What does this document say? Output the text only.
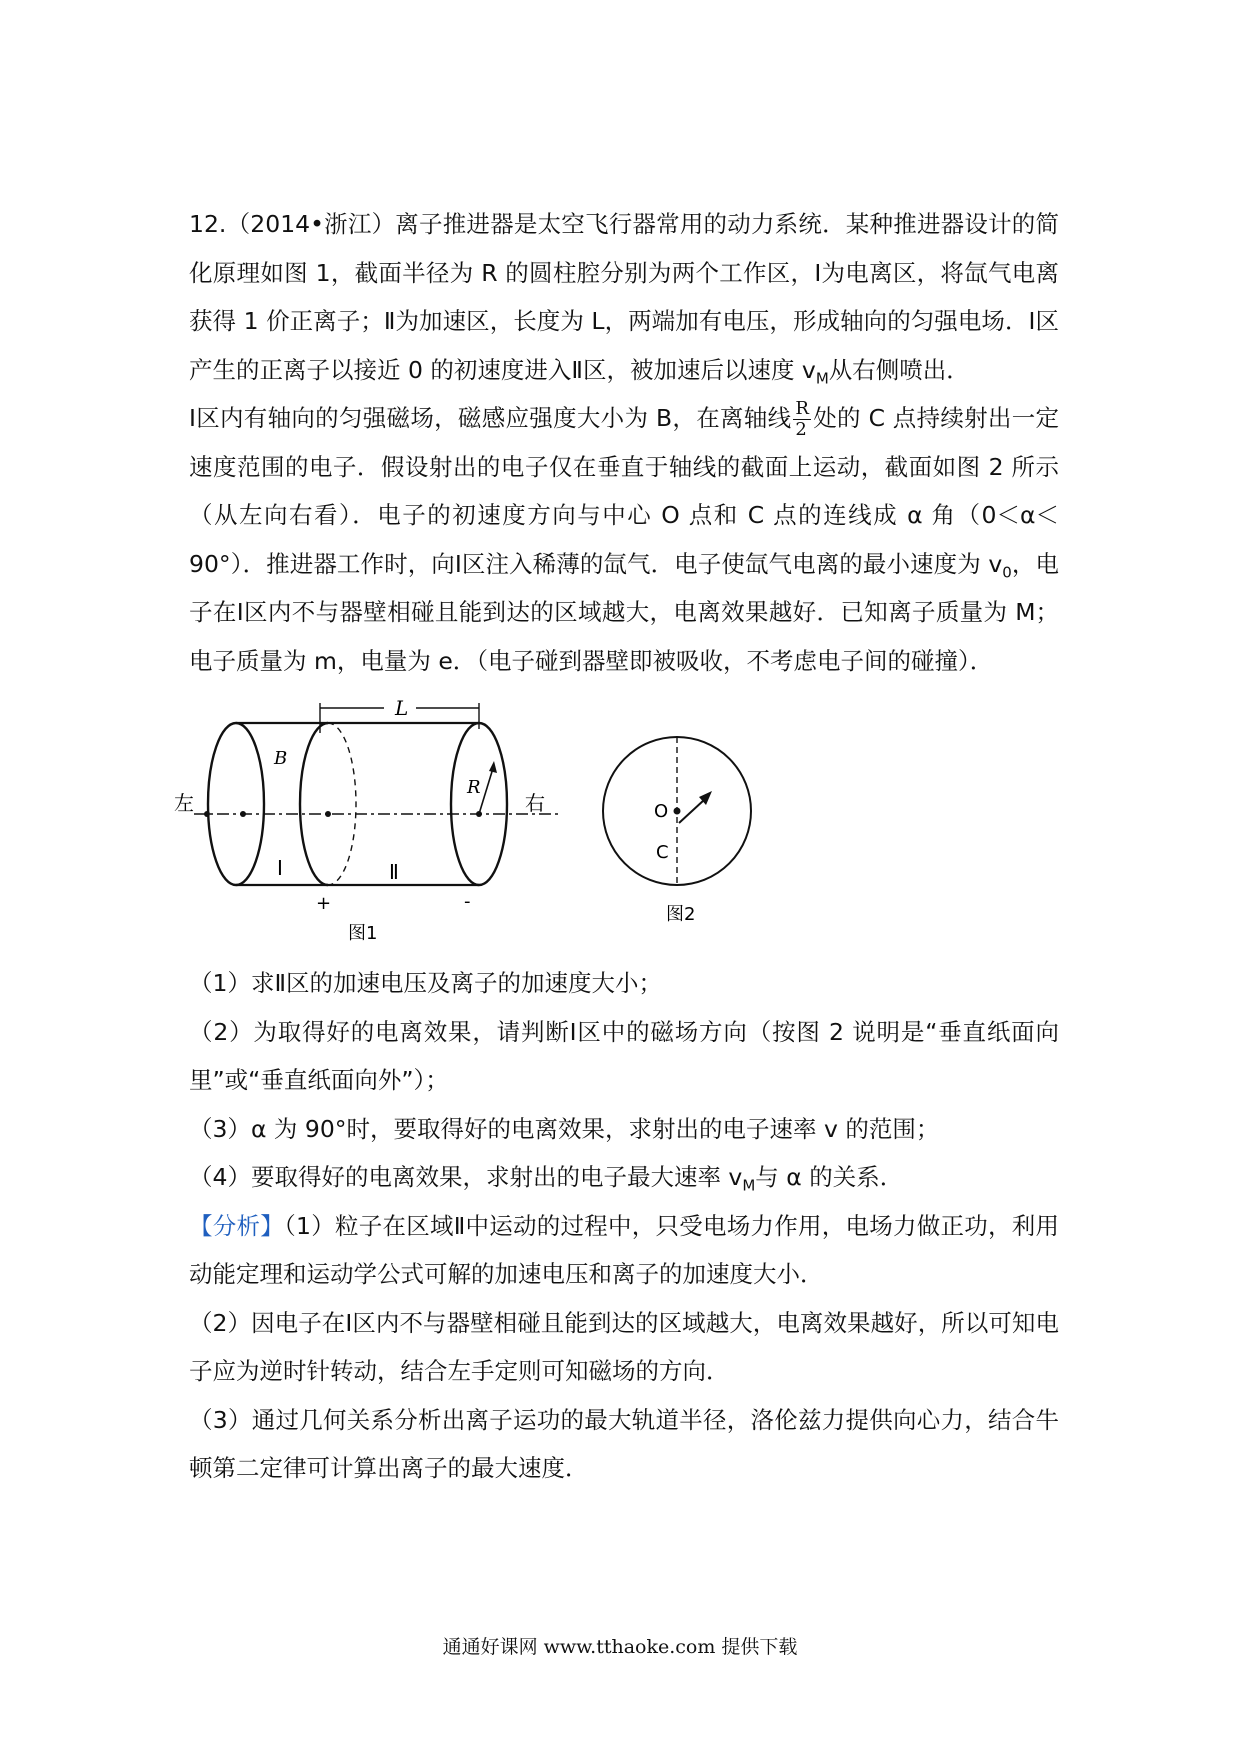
12.（2014•浙江）离子推进器是太空飞行器常用的动力系统．某种推进器设计的简化原理如图 1，截面半径为 R 的圆柱腔分别为两个工作区，Ⅰ为电离区，将氙气电离获得 1 价正离子；Ⅱ为加速区，长度为 L，两端加有电压，形成轴向的匀强电场．Ⅰ区产生的正离子以接近 0 的初速度进入Ⅱ区，被加速后以速度 $v_M$从右侧喷出．

Ⅰ区内有轴向的匀强磁场，磁感应强度大小为 B，在离轴线 $\frac{R}{2}$ 处的 C 点持续射出一定速度范围的电子．假设射出的电子仅在垂直于轴线的截面上运动，截面如图 2 所示（从左向右看）．电子的初速度方向与中心 O 点和 C 点的连线成 α 角（0＜α＜90°）．推进器工作时，向Ⅰ区注入稀薄的氙气．电子使氙气电离的最小速度为 $v_0$，电子在Ⅰ区内不与器壁相碰且能到达的区域越大，电离效果越好．已知离子质量为 M；电子质量为 m，电量为 e．（电子碰到器壁即被吸收，不考虑电子间的碰撞）．

L
B
R
左	右
Ⅰ	Ⅱ
+	-
图1
O
C
图2

（1）求Ⅱ区的加速电压及离子的加速度大小；

（2）为取得好的电离效果，请判断Ⅰ区中的磁场方向（按图 2 说明是“垂直纸面向里”或“垂直纸面向外”）；

（3）α 为 90°时，要取得好的电离效果，求射出的电子速率 v 的范围；

（4）要取得好的电离效果，求射出的电子最大速率 $v_M$与 α 的关系．

【分析】（1）粒子在区域Ⅱ中运动的过程中，只受电场力作用，电场力做正功，利用动能定理和运动学公式可解的加速电压和离子的加速度大小．

（2）因电子在Ⅰ区内不与器壁相碰且能到达的区域越大，电离效果越好，所以可知电子应为逆时针转动，结合左手定则可知磁场的方向．

（3）通过几何关系分析出离子运功的最大轨道半径，洛伦兹力提供向心力，结合牛顿第二定律可计算出离子的最大速度．

通通好课网 www.tthaoke.com 提供下载
